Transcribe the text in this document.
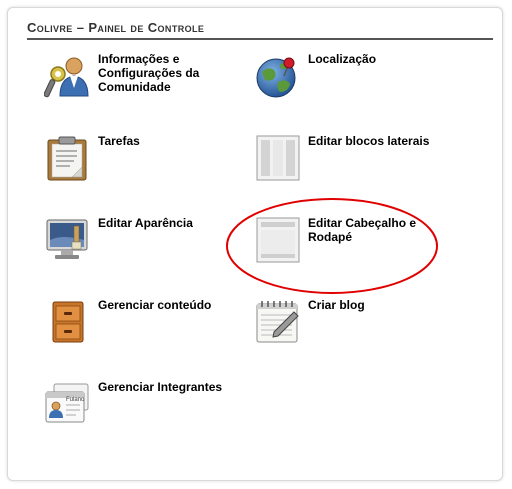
Colivre – Painel de Controle
Informações e Configurações da Comunidade
Localização
Tarefas	Editar blocos laterais
Editar Aparência	Editar Cabeçalho e Rodapé
Gerenciar conteúdo	Criar blog
Fulano
Gerenciar Integrantes
